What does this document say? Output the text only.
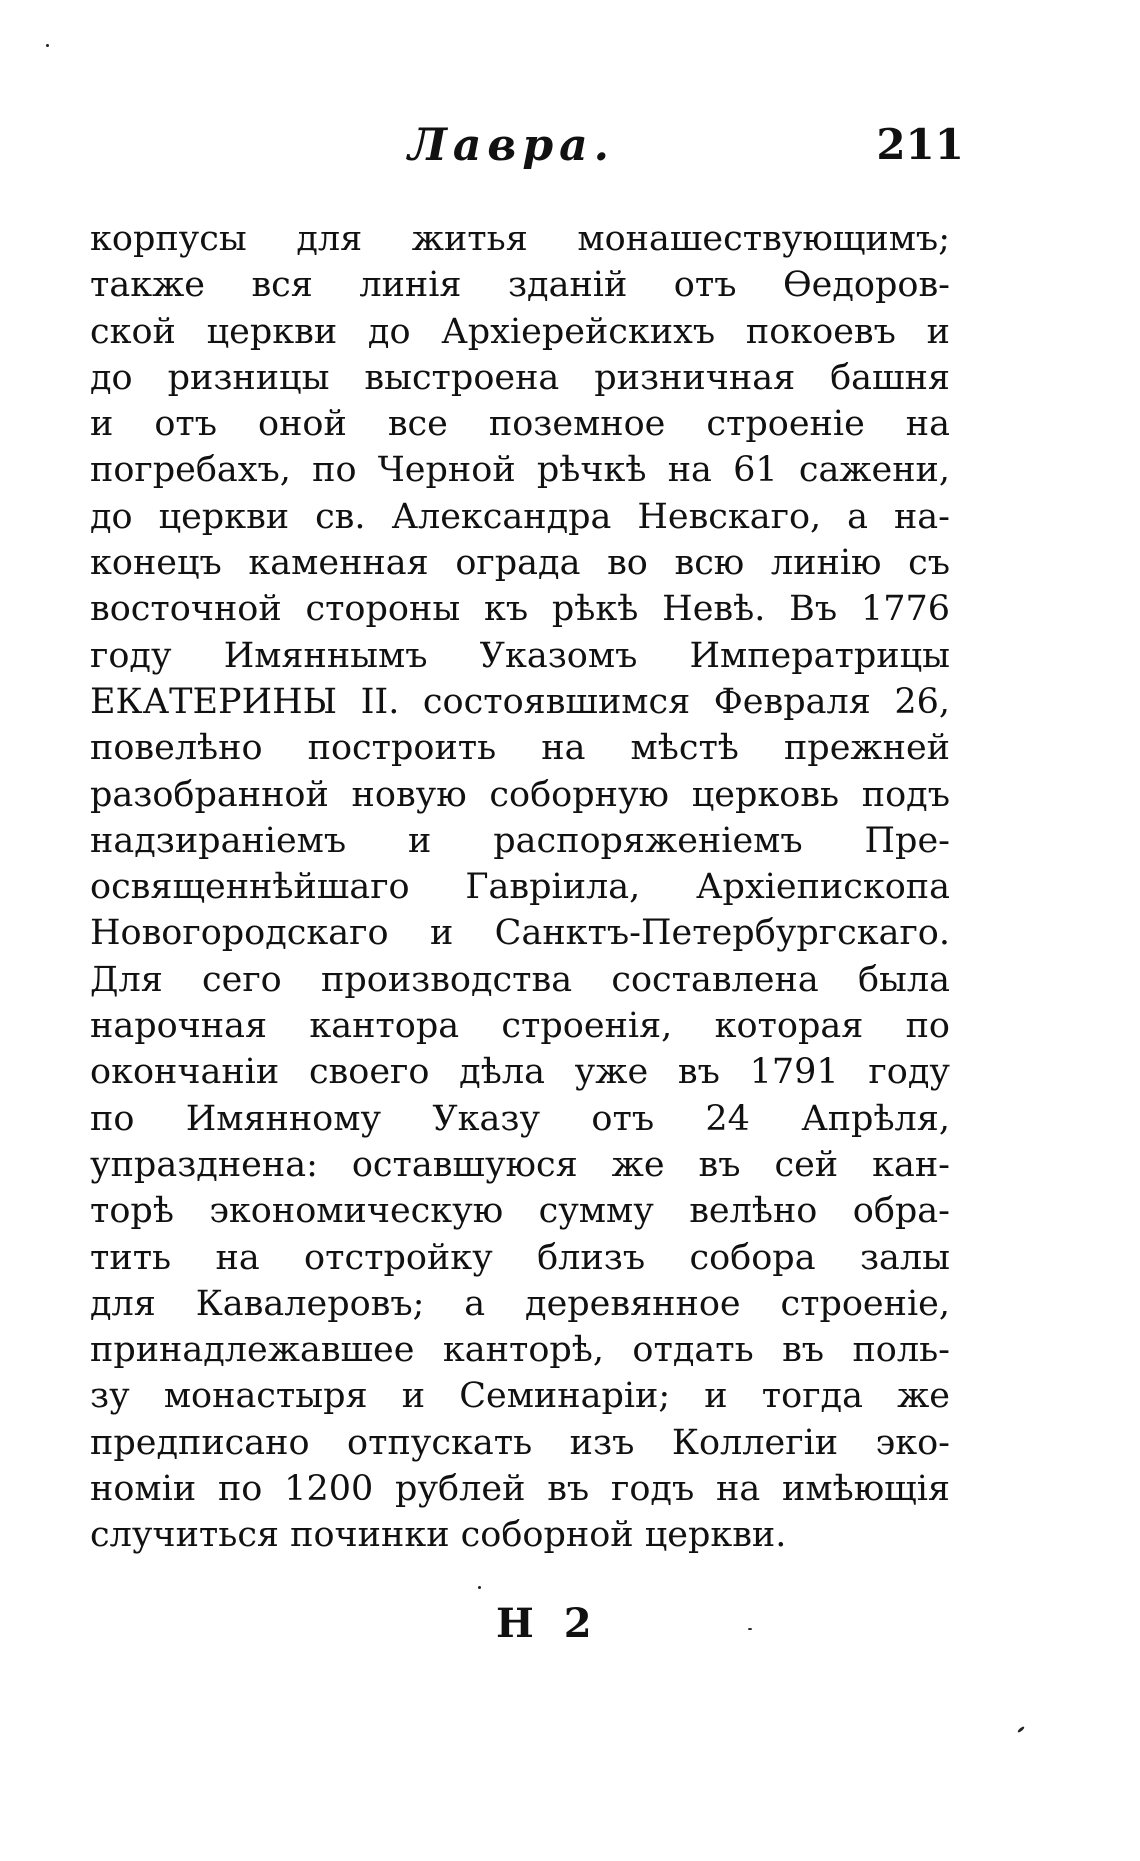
Лавра.	211
корпусы для житья монашествующимъ;
также вся линія зданій отъ Өедоров-
ской церкви до Архіерейскихъ покоевъ и
до ризницы выстроена ризничная башня
и отъ оной все поземное строеніе на
погребахъ, по Черной рѣчкѣ на 61 сажени,
до церкви св. Александра Невскаго, а на-
конецъ каменная ограда во всю линію съ
восточной стороны къ рѣкѣ Невѣ. Въ 1776
году Имяннымъ Указомъ Императрицы
ЕКАТЕРИНЫ II. состоявшимся Февраля 26,
повелѣно построить на мѣстѣ прежней
разобранной новую соборную церковь подъ
надзираніемъ и распоряженіемъ Пре-
освященнѣйшаго Гавріила, Архіепископа
Новогородскаго и Санктъ-Петербургскаго.
Для сего производства составлена была
нарочная кантора строенія, которая по
окончаніи своего дѣла уже въ 1791 году
по Имянному Указу отъ 24 Апрѣля,
упразднена: оставшуюся же въ сей кан-
торѣ экономическую сумму велѣно обра-
тить на отстройку близъ собора залы
для Кавалеровъ; а деревянное строеніе,
принадлежавшее канторѣ, отдать въ поль-
зу монастыря и Семинаріи; и тогда же
предписано отпускать изъ Коллегіи эко-
номіи по 1200 рублей въ годъ на имѣющія
случиться починки соборной церкви.
Н 2
